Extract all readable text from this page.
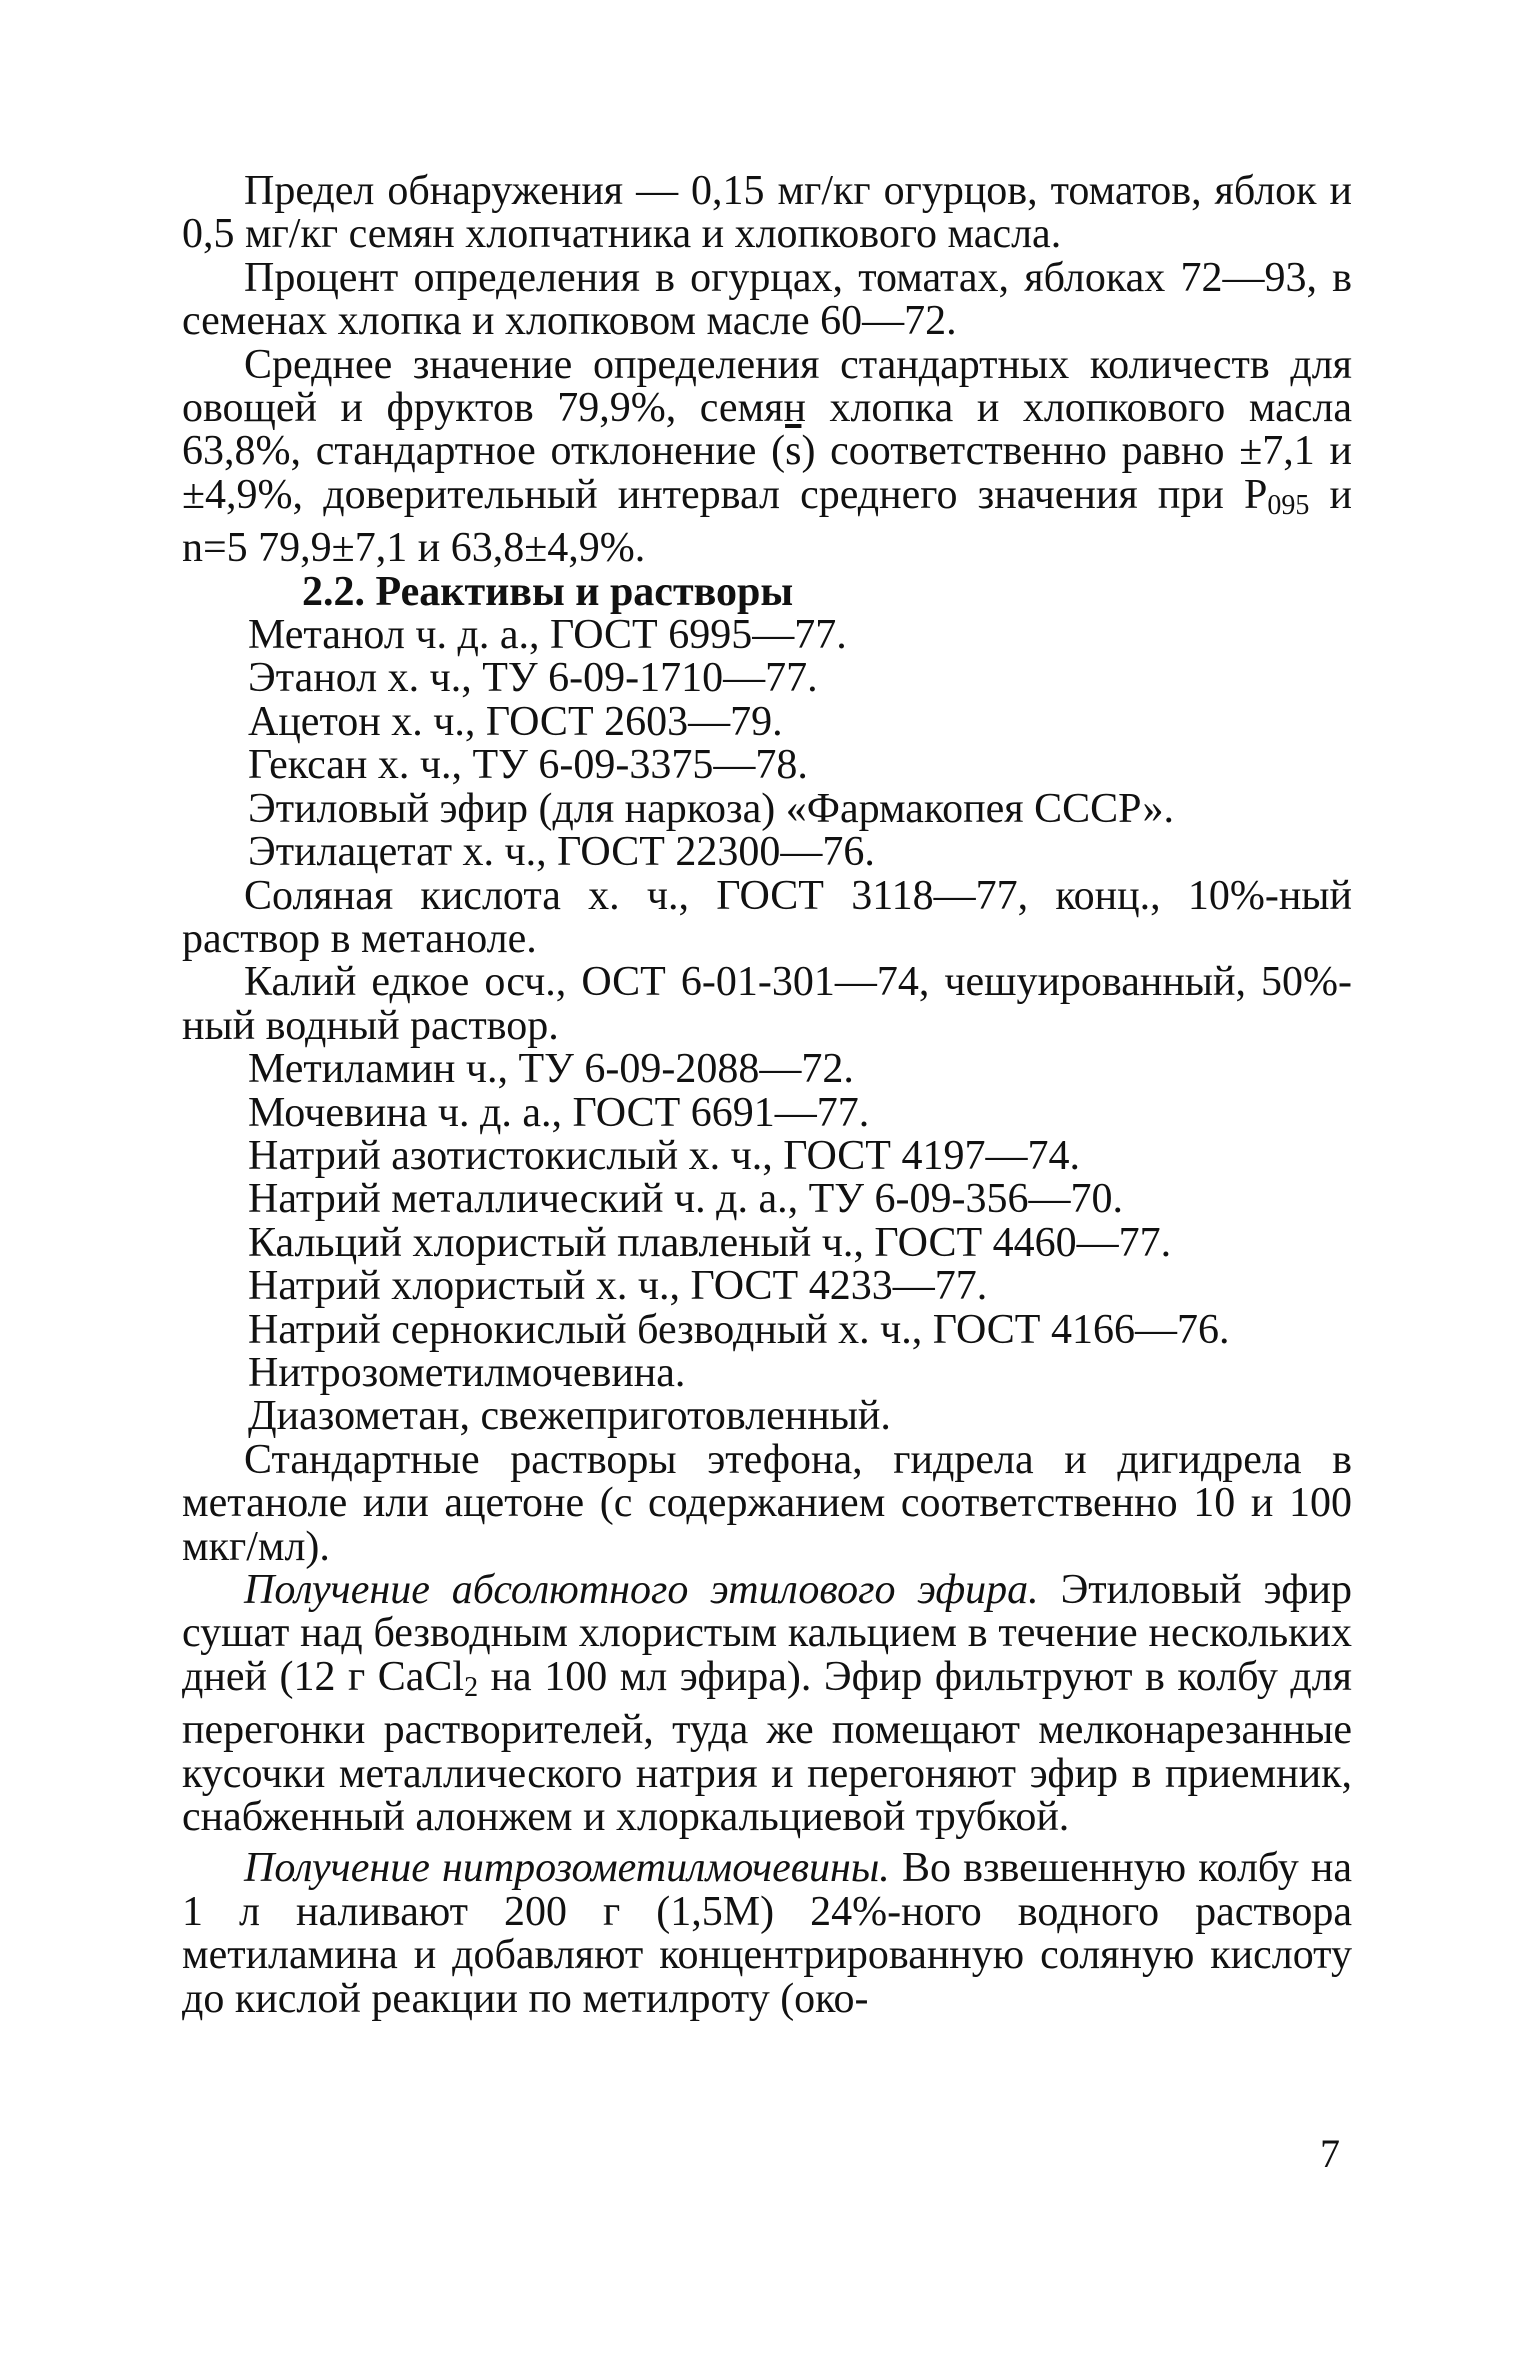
Предел обнаружения — 0,15 мг/кг огурцов, томатов, яблок и 0,5 мг/кг семян хлопчатника и хлопкового масла.

Процент определения в огурцах, томатах, яблоках 72—93, в семенах хлопка и хлопковом масле 60—72.

Среднее значение определения стандартных количеств для овощей и фруктов 79,9%, семян хлопка и хлопкового масла 63,8%, стандартное отклонение $(\overline{s})$ соответственно равно ±7,1 и ±4,9%, доверительный интервал среднего значения при $P_{095}$ и n=5 79,9±7,1 и 63,8±4,9%.

2.2. Реактивы и растворы

Метанол ч. д. а., ГОСТ 6995—77.

Этанол х. ч., ТУ 6-09-1710—77.

Ацетон х. ч., ГОСТ 2603—79.

Гексан х. ч., ТУ 6-09-3375—78.

Этиловый эфир (для наркоза) «Фармакопея СССР».

Этилацетат х. ч., ГОСТ 22300—76.

Соляная кислота х. ч., ГОСТ 3118—77, конц., 10%-ный раствор в метаноле.

Калий едкое осч., ОСТ 6-01-301—74, чешуированный, 50%-ный водный раствор.

Метиламин ч., ТУ 6-09-2088—72.

Мочевина ч. д. а., ГОСТ 6691—77.

Натрий азотистокислый х. ч., ГОСТ 4197—74.

Натрий металлический ч. д. а., ТУ 6-09-356—70.

Кальций хлористый плавленый ч., ГОСТ 4460—77.

Натрий хлористый х. ч., ГОСТ 4233—77.

Натрий сернокислый безводный х. ч., ГОСТ 4166—76.

Нитрозометилмочевина.

Диазометан, свежеприготовленный.

Стандартные растворы этефона, гидрела и дигидрела в метаноле или ацетоне (с содержанием соответственно 10 и 100 мкг/мл).

Получение абсолютного этилового эфира. Этиловый эфир сушат над безводным хлористым кальцием в течение нескольких дней (12 г CaCl$_2$ на 100 мл эфира). Эфир фильтруют в колбу для перегонки растворителей, туда же помещают мелконарезанные кусочки металлического натрия и перегоняют эфир в приемник, снабженный алонжем и хлоркальциевой трубкой.

Получение нитрозометилмочевины. Во взвешенную колбу на 1 л наливают 200 г (1,5М) 24%-ного водного раствора метиламина и добавляют концентрированную соляную кислоту до кислой реакции по метилроту (око-

7
